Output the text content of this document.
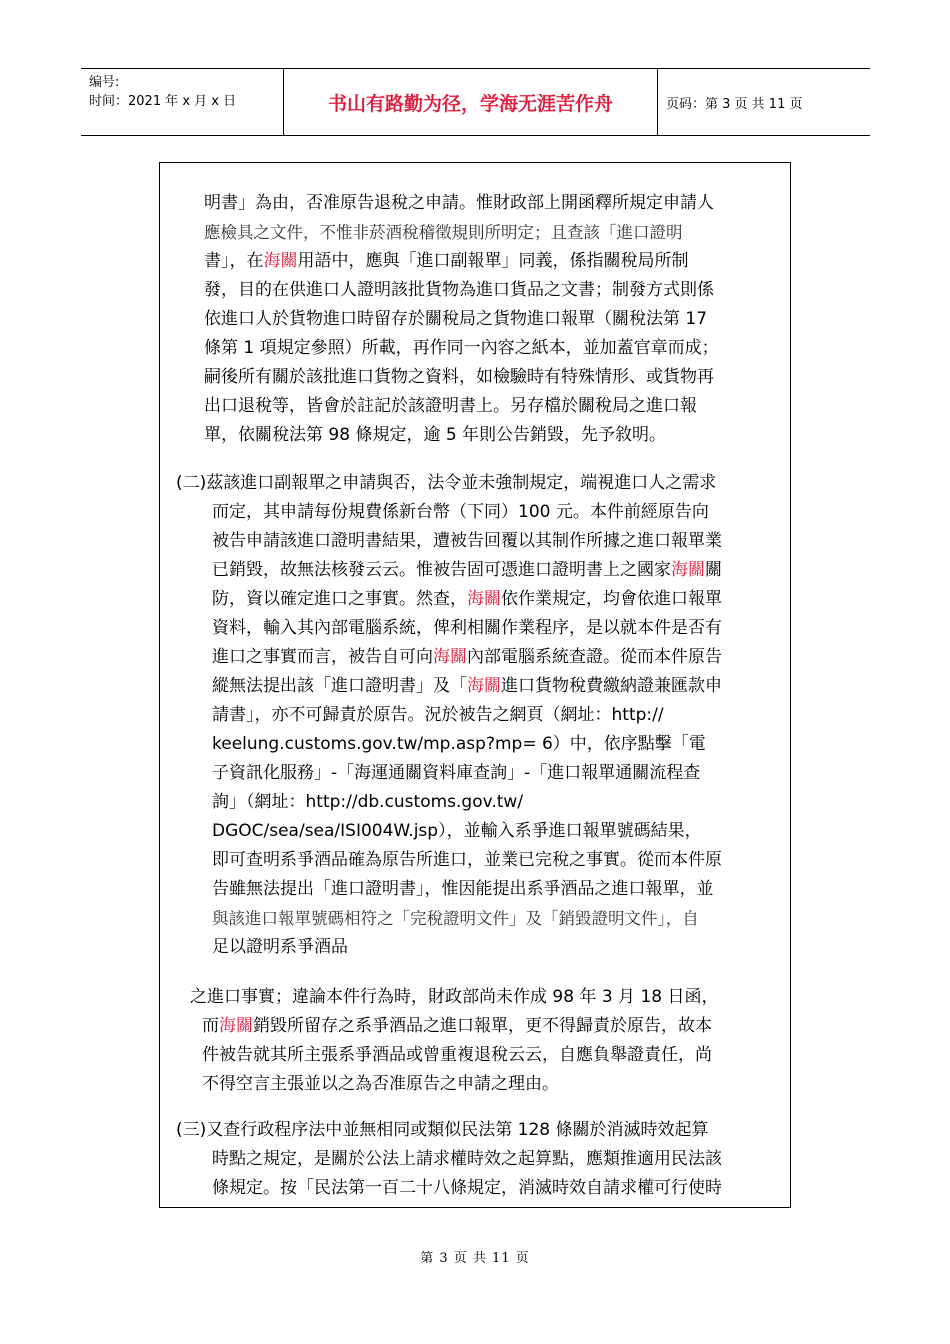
编号:
时间：2021 年 x 月 x 日	书山有路勤为径，学海无涯苦作舟	页码：第 3 页 共 11 页
明書」為由，否准原告退稅之申請。惟財政部上開函釋所規定申請人
應檢具之文件，不惟非菸酒稅稽徵規則所明定；且查該「進口證明
書」，在海關用語中，應與「進口副報單」同義，係指關稅局所制
發，目的在供進口人證明該批貨物為進口貨品之文書；制發方式則係
依進口人於貨物進口時留存於關稅局之貨物進口報單（關稅法第 17
條第 1 項規定參照）所載，再作同一內容之紙本，並加蓋官章而成；
嗣後所有關於該批進口貨物之資料，如檢驗時有特殊情形、或貨物再
出口退稅等，皆會於註記於該證明書上。另存檔於關稅局之進口報
單，依關稅法第 98 條規定，逾 5 年則公告銷毀，先予敘明。
(二)茲該進口副報單之申請與否，法令並未強制規定，端視進口人之需求
而定，其申請每份規費係新台幣（下同）100 元。本件前經原告向
被告申請該進口證明書結果，遭被告回覆以其制作所據之進口報單業
已銷毀，故無法核發云云。惟被告固可憑進口證明書上之國家海關關
防，資以確定進口之事實。然查，海關依作業規定，均會依進口報單
資料，輸入其內部電腦系統，俾利相關作業程序，是以就本件是否有
進口之事實而言，被告自可向海關內部電腦系統查證。從而本件原告
縱無法提出該「進口證明書」及「海關進口貨物稅費繳納證兼匯款申
請書」，亦不可歸責於原告。況於被告之網頁（網址：http://
keelung.customs.gov.tw/mp.asp?mp= 6）中，依序點擊「電
子資訊化服務」-「海運通關資料庫查詢」-「進口報單通關流程查
詢」（網址：http://db.customs.gov.tw/
DGOC/sea/sea/ISI004W.jsp），並輸入系爭進口報單號碼結果，
即可查明系爭酒品確為原告所進口，並業已完稅之事實。從而本件原
告雖無法提出「進口證明書」，惟因能提出系爭酒品之進口報單，並
與該進口報單號碼相符之「完稅證明文件」及「銷毀證明文件」，自
足以證明系爭酒品
之進口事實；違論本件行為時，財政部尚未作成 98 年 3 月 18 日函，
而海關銷毀所留存之系爭酒品之進口報單，更不得歸責於原告，故本
件被告就其所主張系爭酒品或曾重複退稅云云，自應負舉證責任，尚
不得空言主張並以之為否准原告之申請之理由。
(三)又查行政程序法中並無相同或類似民法第 128 條關於消滅時效起算
時點之規定，是關於公法上請求權時效之起算點，應類推適用民法該
條規定。按「民法第一百二十八條規定，消滅時效自請求權可行使時
第 3 页 共 11 页
